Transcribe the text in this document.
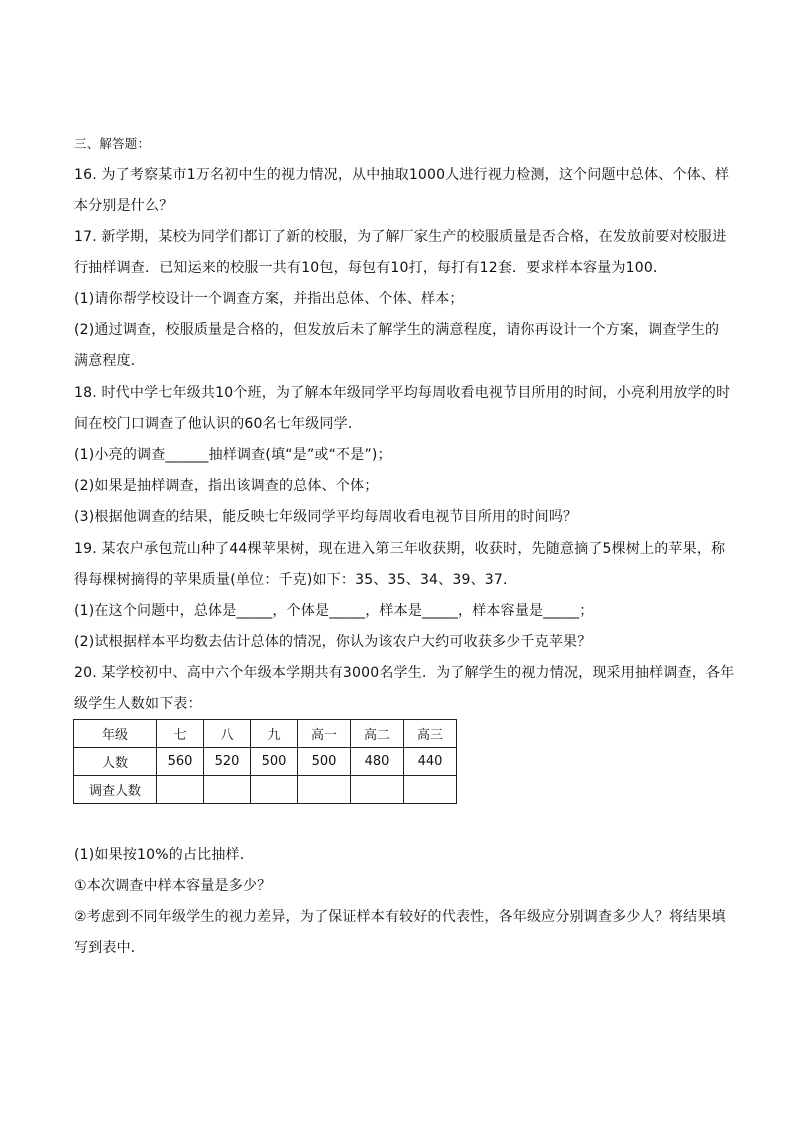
三、解答题：
16. 为了考察某市1万名初中生的视力情况，从中抽取1000人进行视力检测，这个问题中总体、个体、样
本分别是什么？
17. 新学期，某校为同学们都订了新的校服，为了解厂家生产的校服质量是否合格，在发放前要对校服进
行抽样调查．已知运来的校服一共有10包，每包有10打，每打有12套．要求样本容量为100．
(1)请你帮学校设计一个调查方案，并指出总体、个体、样本；
(2)通过调查，校服质量是合格的，但发放后未了解学生的满意程度，请你再设计一个方案，调查学生的
满意程度．
18. 时代中学七年级共10个班，为了解本年级同学平均每周收看电视节目所用的时间，小亮利用放学的时
间在校门口调查了他认识的60名七年级同学．
(1)小亮的调查______抽样调查(填“是”或“不是”)；
(2)如果是抽样调查，指出该调查的总体、个体；
(3)根据他调查的结果，能反映七年级同学平均每周收看电视节目所用的时间吗？
19. 某农户承包荒山种了44棵苹果树，现在进入第三年收获期，收获时，先随意摘了5棵树上的苹果，称
得每棵树摘得的苹果质量(单位：千克)如下：35、35、34、39、37．
(1)在这个问题中，总体是_____，个体是_____，样本是_____，样本容量是_____；
(2)试根据样本平均数去估计总体的情况，你认为该农户大约可收获多少千克苹果？
20. 某学校初中、高中六个年级本学期共有3000名学生．为了解学生的视力情况，现采用抽样调查，各年
级学生人数如下表：
年级	七	八	九	高一	高二	高三
人数	560	520	500	500	480	440
调查人数						
(1)如果按10%的占比抽样．
①本次调查中样本容量是多少？
②考虑到不同年级学生的视力差异，为了保证样本有较好的代表性，各年级应分别调查多少人？将结果填
写到表中．
